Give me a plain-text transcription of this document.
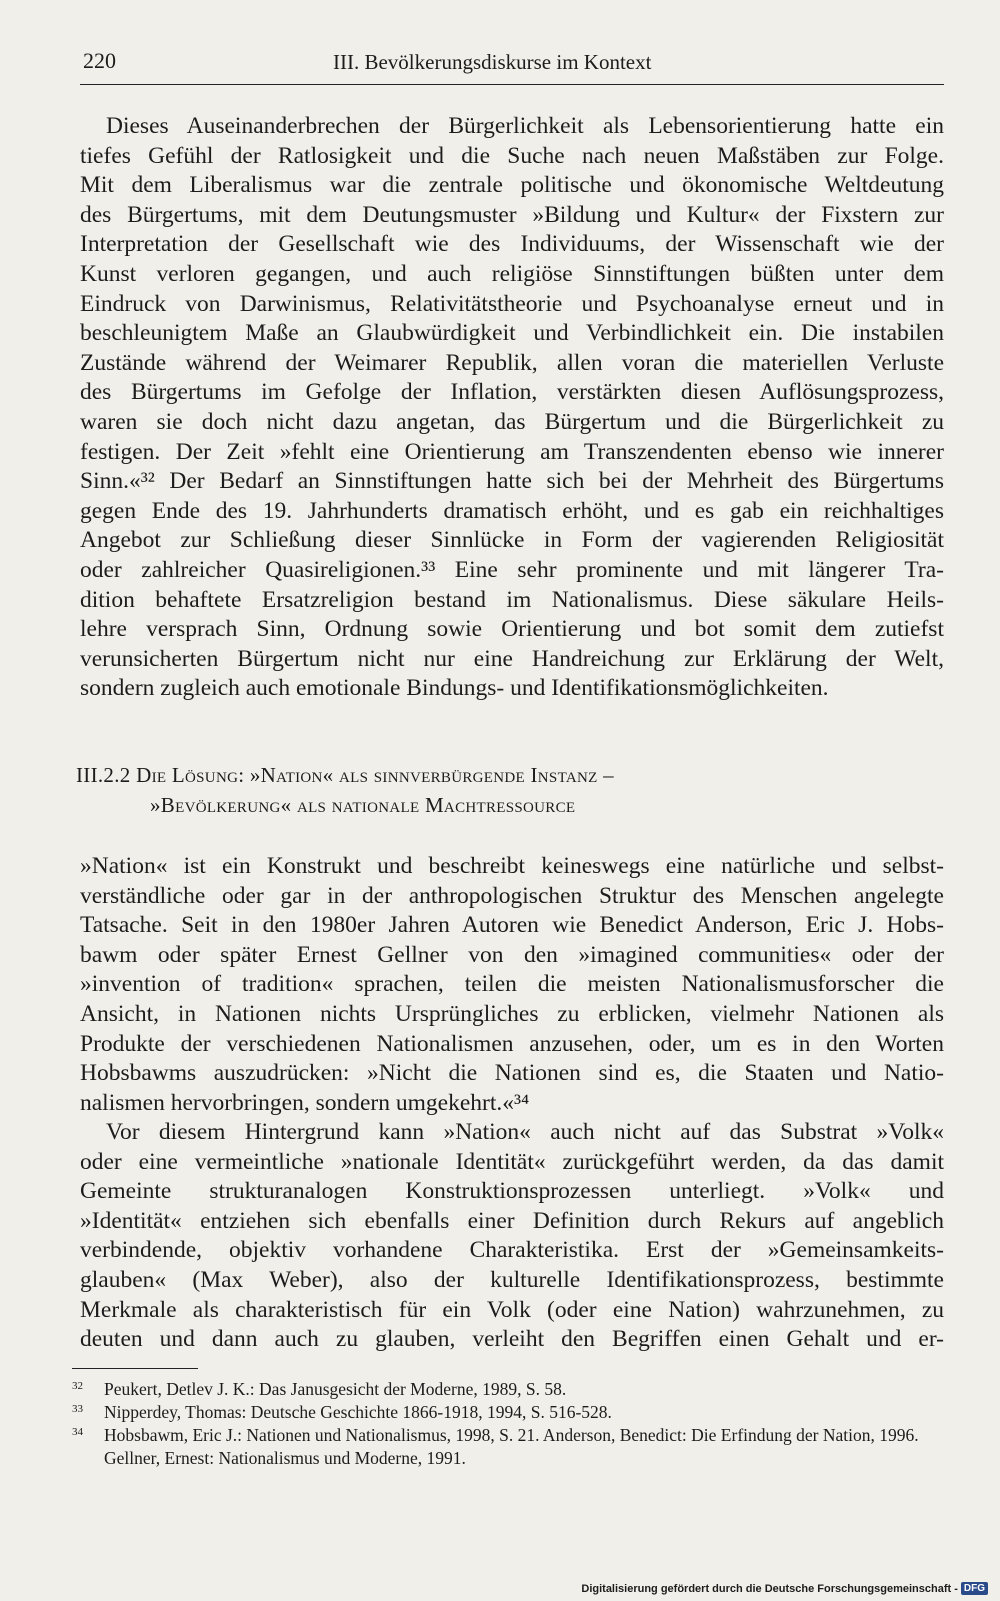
220	III. Bevölkerungsdiskurse im Kontext
Dieses Auseinanderbrechen der Bürgerlichkeit als Lebensorientierung hatte ein
tiefes Gefühl der Ratlosigkeit und die Suche nach neuen Maßstäben zur Folge.
Mit dem Liberalismus war die zentrale politische und ökonomische Weltdeutung
des Bürgertums, mit dem Deutungsmuster »Bildung und Kultur« der Fixstern zur
Interpretation der Gesellschaft wie des Individuums, der Wissenschaft wie der
Kunst verloren gegangen, und auch religiöse Sinnstiftungen büßten unter dem
Eindruck von Darwinismus, Relativitätstheorie und Psychoanalyse erneut und in
beschleunigtem Maße an Glaubwürdigkeit und Verbindlichkeit ein. Die instabilen
Zustände während der Weimarer Republik, allen voran die materiellen Verluste
des Bürgertums im Gefolge der Inflation, verstärkten diesen Auflösungsprozess,
waren sie doch nicht dazu angetan, das Bürgertum und die Bürgerlichkeit zu
festigen. Der Zeit »fehlt eine Orientierung am Transzendenten ebenso wie innerer
Sinn.«³² Der Bedarf an Sinnstiftungen hatte sich bei der Mehrheit des Bürgertums
gegen Ende des 19. Jahrhunderts dramatisch erhöht, und es gab ein reichhaltiges
Angebot zur Schließung dieser Sinnlücke in Form der vagierenden Religiosität
oder zahlreicher Quasireligionen.³³ Eine sehr prominente und mit längerer Tra-
dition behaftete Ersatzreligion bestand im Nationalismus. Diese säkulare Heils-
lehre versprach Sinn, Ordnung sowie Orientierung und bot somit dem zutiefst
verunsicherten Bürgertum nicht nur eine Handreichung zur Erklärung der Welt,
sondern zugleich auch emotionale Bindungs- und Identifikationsmöglichkeiten.
III.2.2 Die Lösung: »Nation« als sinnverbürgende Instanz –
»Bevölkerung« als nationale Machtressource
»Nation« ist ein Konstrukt und beschreibt keineswegs eine natürliche und selbst-
verständliche oder gar in der anthropologischen Struktur des Menschen angelegte
Tatsache. Seit in den 1980er Jahren Autoren wie Benedict Anderson, Eric J. Hobs-
bawm oder später Ernest Gellner von den »imagined communities« oder der
»invention of tradition« sprachen, teilen die meisten Nationalismusforscher die
Ansicht, in Nationen nichts Ursprüngliches zu erblicken, vielmehr Nationen als
Produkte der verschiedenen Nationalismen anzusehen, oder, um es in den Worten
Hobsbawms auszudrücken: »Nicht die Nationen sind es, die Staaten und Natio-
nalismen hervorbringen, sondern umgekehrt.«³⁴
Vor diesem Hintergrund kann »Nation« auch nicht auf das Substrat »Volk«
oder eine vermeintliche »nationale Identität« zurückgeführt werden, da das damit
Gemeinte strukturanalogen Konstruktionsprozessen unterliegt. »Volk« und
»Identität« entziehen sich ebenfalls einer Definition durch Rekurs auf angeblich
verbindende, objektiv vorhandene Charakteristika. Erst der »Gemeinsamkeits-
glauben« (Max Weber), also der kulturelle Identifikationsprozess, bestimmte
Merkmale als charakteristisch für ein Volk (oder eine Nation) wahrzunehmen, zu
deuten und dann auch zu glauben, verleiht den Begriffen einen Gehalt und er-
32	Peukert, Detlev J. K.: Das Janusgesicht der Moderne, 1989, S. 58.
33	Nipperdey, Thomas: Deutsche Geschichte 1866-1918, 1994, S. 516-528.
34	Hobsbawm, Eric J.: Nationen und Nationalismus, 1998, S. 21. Anderson, Benedict: Die Erfindung der Nation, 1996. Gellner, Ernest: Nationalismus und Moderne, 1991.
Digitalisierung gefördert durch die Deutsche Forschungsgemeinschaft - DFG
